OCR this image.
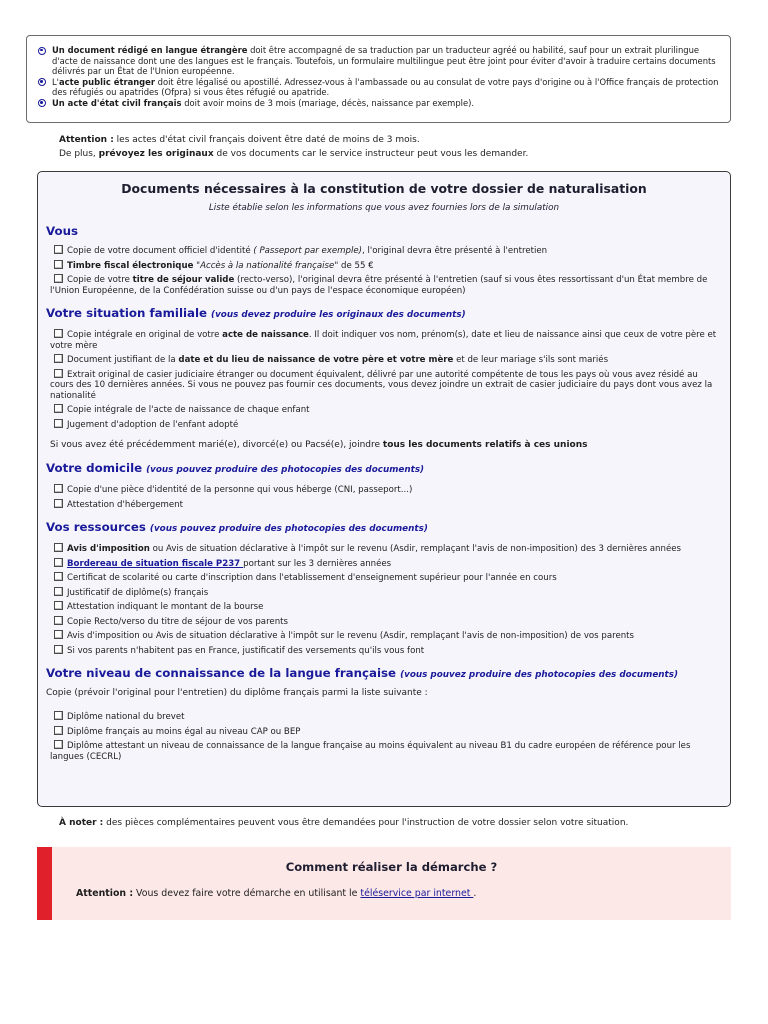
Un document rédigé en langue étrangère doit être accompagné de sa traduction par un traducteur agréé ou habilité, sauf pour un extrait plurilingue d'acte de naissance dont une des langues est le français. Toutefois, un formulaire multilingue peut être joint pour éviter d'avoir à traduire certains documents délivrés par un État de l'Union européenne.
L'acte public étranger doit être légalisé ou apostillé. Adressez-vous à l'ambassade ou au consulat de votre pays d'origine ou à l'Office français de protection des réfugiés ou apatrides (Ofpra) si vous êtes réfugié ou apatride.
Un acte d'état civil français doit avoir moins de 3 mois (mariage, décès, naissance par exemple).
Attention : les actes d'état civil français doivent être daté de moins de 3 mois.
De plus, prévoyez les originaux de vos documents car le service instructeur peut vous les demander.
Documents nécessaires à la constitution de votre dossier de naturalisation
Liste établie selon les informations que vous avez fournies lors de la simulation
Vous
Copie de votre document officiel d'identité ( Passeport par exemple), l'original devra être présenté à l'entretien
Timbre fiscal électronique "Accès à la nationalité française" de 55 €
Copie de votre titre de séjour valide (recto-verso), l'original devra être présenté à l'entretien (sauf si vous êtes ressortissant d'un État membre de l'Union Européenne, de la Confédération suisse ou d'un pays de l'espace économique européen)
Votre situation familiale (vous devez produire les originaux des documents)
Copie intégrale en original de votre acte de naissance. Il doit indiquer vos nom, prénom(s), date et lieu de naissance ainsi que ceux de votre père et votre mère
Document justifiant de la date et du lieu de naissance de votre père et votre mère et de leur mariage s'ils sont mariés
Extrait original de casier judiciaire étranger ou document équivalent, délivré par une autorité compétente de tous les pays où vous avez résidé au cours des 10 dernières années. Si vous ne pouvez pas fournir ces documents, vous devez joindre un extrait de casier judiciaire du pays dont vous avez la nationalité
Copie intégrale de l'acte de naissance de chaque enfant
Jugement d'adoption de l'enfant adopté
Si vous avez été précédemment marié(e), divorcé(e) ou Pacsé(e), joindre tous les documents relatifs à ces unions
Votre domicile (vous pouvez produire des photocopies des documents)
Copie d'une pièce d'identité de la personne qui vous héberge (CNI, passeport...)
Attestation d'hébergement
Vos ressources (vous pouvez produire des photocopies des documents)
Avis d'imposition ou Avis de situation déclarative à l'impôt sur le revenu (Asdir, remplaçant l'avis de non-imposition) des 3 dernières années
Bordereau de situation fiscale P237 portant sur les 3 dernières années
Certificat de scolarité ou carte d'inscription dans l'etablissement d'enseignement supérieur pour l'année en cours
Justificatif de diplôme(s) français
Attestation indiquant le montant de la bourse
Copie Recto/verso du titre de séjour de vos parents
Avis d'imposition ou Avis de situation déclarative à l'impôt sur le revenu (Asdir, remplaçant l'avis de non-imposition) de vos parents
Si vos parents n'habitent pas en France, justificatif des versements qu'ils vous font
Votre niveau de connaissance de la langue française (vous pouvez produire des photocopies des documents)
Copie (prévoir l'original pour l'entretien) du diplôme français parmi la liste suivante :
Diplôme national du brevet
Diplôme français au moins égal au niveau CAP ou BEP
Diplôme attestant un niveau de connaissance de la langue française au moins équivalent au niveau B1 du cadre européen de référence pour les langues (CECRL)
À noter : des pièces complémentaires peuvent vous être demandées pour l'instruction de votre dossier selon votre situation.
Comment réaliser la démarche ?
Attention : Vous devez faire votre démarche en utilisant le téléservice par internet .
